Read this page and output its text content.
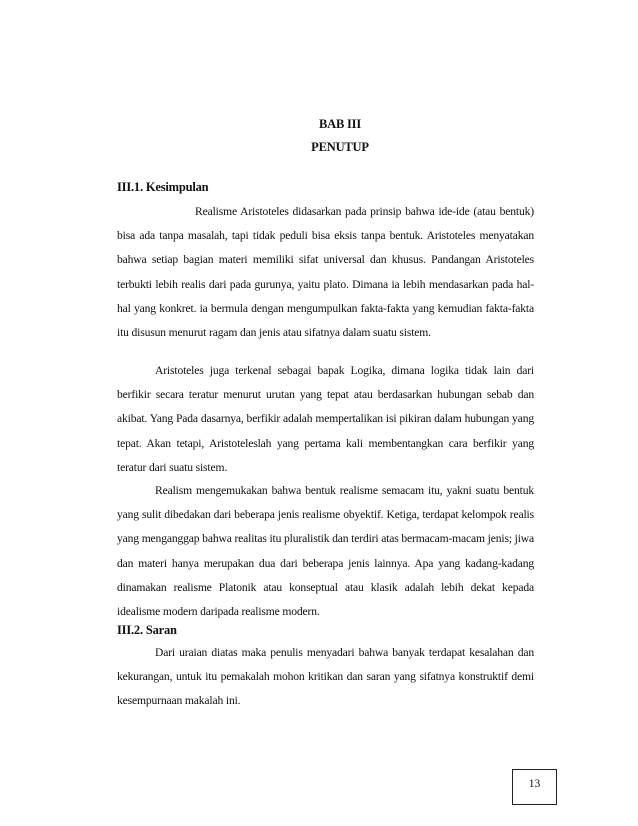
BAB III
PENUTUP
III.1. Kesimpulan

Realisme Aristoteles didasarkan pada prinsip bahwa ide-ide (atau bentuk) bisa ada tanpa masalah, tapi tidak peduli bisa eksis tanpa bentuk. Aristoteles menyatakan bahwa setiap bagian materi memiliki sifat universal dan khusus. Pandangan Aristoteles terbukti lebih realis dari pada gurunya, yaitu plato. Dimana ia lebih mendasarkan pada hal-hal yang konkret. ia bermula dengan mengumpulkan fakta-fakta yang kemudian fakta-fakta itu disusun menurut ragam dan jenis atau sifatnya dalam suatu sistem.

Aristoteles juga terkenal sebagai bapak Logika, dimana logika tidak lain dari berfikir secara teratur menurut urutan yang tepat atau berdasarkan hubungan sebab dan akibat. Yang Pada dasarnya, berfikir adalah mempertalikan isi pikiran dalam hubungan yang tepat. Akan tetapi, Aristoteleslah yang pertama kali membentangkan cara berfikir yang teratur dari suatu sistem.

Realism mengemukakan bahwa bentuk realisme semacam itu, yakni suatu bentuk yang sulit dibedakan dari beberapa jenis realisme obyektif. Ketiga, terdapat kelompok realis yang menganggap bahwa realitas itu pluralistik dan terdiri atas bermacam-macam jenis; jiwa dan materi hanya merupakan dua dari beberapa jenis lainnya. Apa yang kadang-kadang dinamakan realisme Platonik atau konseptual atau klasik adalah lebih dekat kepada idealisme modern daripada realisme modern.

III.2. Saran

Dari uraian diatas maka penulis menyadari bahwa banyak terdapat kesalahan dan kekurangan, untuk itu pemakalah mohon kritikan dan saran yang sifatnya konstruktif demi kesempurnaan makalah ini.

13
